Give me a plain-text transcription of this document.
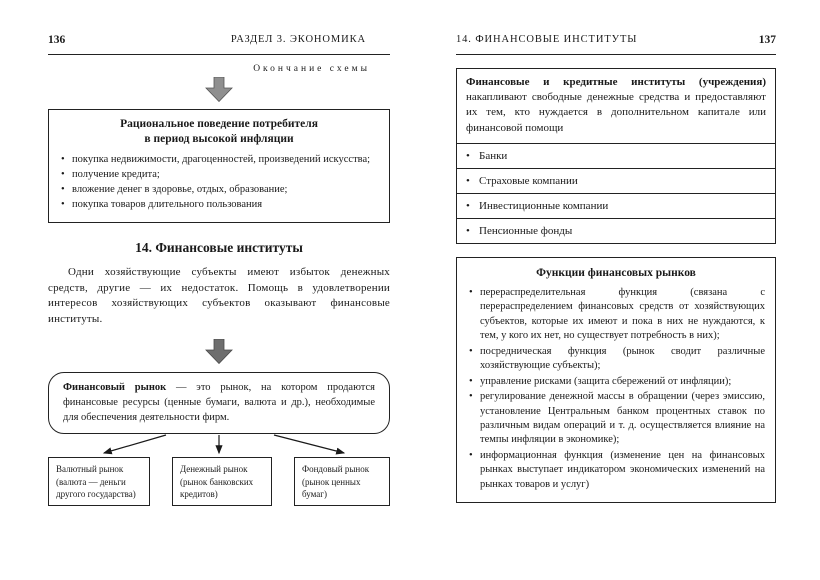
136	РАЗДЕЛ 3. ЭКОНОМИКА
Окончание схемы
Рациональное поведение потребителя
в период высокой инфляции
• покупка недвижимости, драгоценностей, произведений искусства;
• получение кредита;
• вложение денег в здоровье, отдых, образование;
• покупка товаров длительного пользования
14. Финансовые институты

Одни хозяйствующие субъекты имеют избыток денежных средств, другие — их недостаток. Помощь в удовлетворении интересов хозяйствующих субъектов оказывают финансовые институты.

Финансовый рынок — это рынок, на котором продаются финансовые ресурсы (ценные бумаги, валюта и др.), необходимые для обеспечения деятельности фирм.
Валютный рынок (валюта — деньги другого государства)
Денежный рынок (рынок банковских кредитов)
Фондовый рынок (рынок ценных бумаг)
14. ФИНАНСОВЫЕ ИНСТИТУТЫ	137
Финансовые и кредитные институты (учреждения) накапливают свободные денежные средства и предоставляют их тем, кто нуждается в дополнительном капитале или финансовой помощи
• Банки
• Страховые компании
• Инвестиционные компании
• Пенсионные фонды
Функции финансовых рынков
• перераспределительная функция (связана с перераспределением финансовых средств от хозяйствующих субъектов, которые их имеют и пока в них не нуждаются, к тем, у кого их нет, но существует потребность в них);
• посредническая функция (рынок сводит различные хозяйствующие субъекты);
• управление рисками (защита сбережений от инфляции);
• регулирование денежной массы в обращении (через эмиссию, установление Центральным банком процентных ставок по различным видам операций и т. д. осуществляется влияние на темпы инфляции в экономике);
• информационная функция (изменение цен на финансовых рынках выступает индикатором экономических изменений на рынках товаров и услуг)
